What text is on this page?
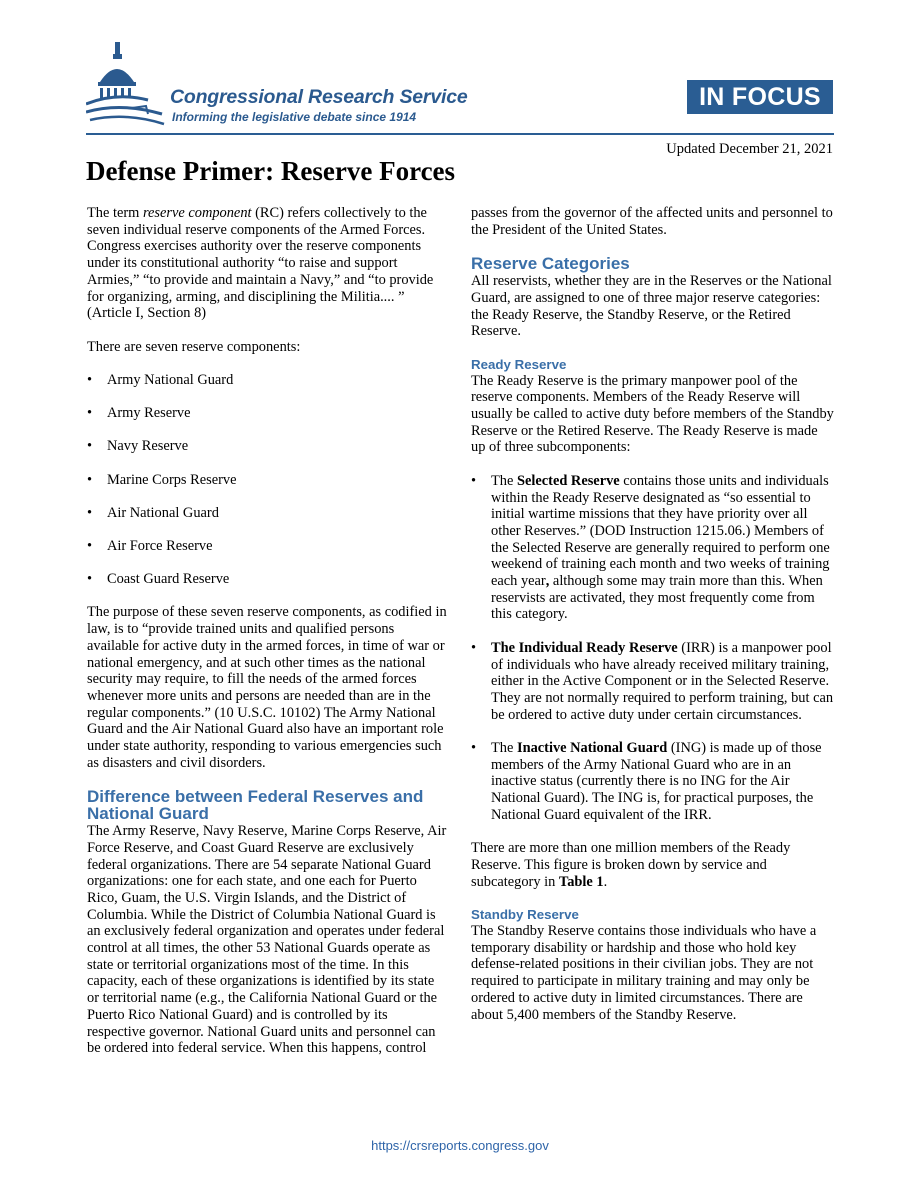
Congressional Research Service
Informing the legislative debate since 1914
IN FOCUS
Updated December 21, 2021
Defense Primer: Reserve Forces

The term reserve component (RC) refers collectively to the seven individual reserve components of the Armed Forces. Congress exercises authority over the reserve components under its constitutional authority “to raise and support Armies,” “to provide and maintain a Navy,” and “to provide for organizing, arming, and disciplining the Militia.... ” (Article I, Section 8)

There are seven reserve components:

• Army National Guard
• Army Reserve
• Navy Reserve
• Marine Corps Reserve
• Air National Guard
• Air Force Reserve
• Coast Guard Reserve

The purpose of these seven reserve components, as codified in law, is to “provide trained units and qualified persons available for active duty in the armed forces, in time of war or national emergency, and at such other times as the national security may require, to fill the needs of the armed forces whenever more units and persons are needed than are in the regular components.” (10 U.S.C. 10102) The Army National Guard and the Air National Guard also have an important role under state authority, responding to various emergencies such as disasters and civil disorders.

Difference between Federal Reserves and National Guard

The Army Reserve, Navy Reserve, Marine Corps Reserve, Air Force Reserve, and Coast Guard Reserve are exclusively federal organizations. There are 54 separate National Guard organizations: one for each state, and one each for Puerto Rico, Guam, the U.S. Virgin Islands, and the District of Columbia. While the District of Columbia National Guard is an exclusively federal organization and operates under federal control at all times, the other 53 National Guards operate as state or territorial organizations most of the time. In this capacity, each of these organizations is identified by its state or territorial name (e.g., the California National Guard or the Puerto Rico National Guard) and is controlled by its respective governor. National Guard units and personnel can be ordered into federal service. When this happens, control

passes from the governor of the affected units and personnel to the President of the United States.

Reserve Categories

All reservists, whether they are in the Reserves or the National Guard, are assigned to one of three major reserve categories: the Ready Reserve, the Standby Reserve, or the Retired Reserve.

Ready Reserve

The Ready Reserve is the primary manpower pool of the reserve components. Members of the Ready Reserve will usually be called to active duty before members of the Standby Reserve or the Retired Reserve. The Ready Reserve is made up of three subcomponents:

• The Selected Reserve contains those units and individuals within the Ready Reserve designated as “so essential to initial wartime missions that they have priority over all other Reserves.” (DOD Instruction 1215.06.) Members of the Selected Reserve are generally required to perform one weekend of training each month and two weeks of training each year, although some may train more than this. When reservists are activated, they most frequently come from this category.
• The Individual Ready Reserve (IRR) is a manpower pool of individuals who have already received military training, either in the Active Component or in the Selected Reserve. They are not normally required to perform training, but can be ordered to active duty under certain circumstances.
• The Inactive National Guard (ING) is made up of those members of the Army National Guard who are in an inactive status (currently there is no ING for the Air National Guard). The ING is, for practical purposes, the National Guard equivalent of the IRR.

There are more than one million members of the Ready Reserve. This figure is broken down by service and subcategory in Table 1.

Standby Reserve

The Standby Reserve contains those individuals who have a temporary disability or hardship and those who hold key defense-related positions in their civilian jobs. They are not required to participate in military training and may only be ordered to active duty in limited circumstances. There are about 5,400 members of the Standby Reserve.

https://crsreports.congress.gov
